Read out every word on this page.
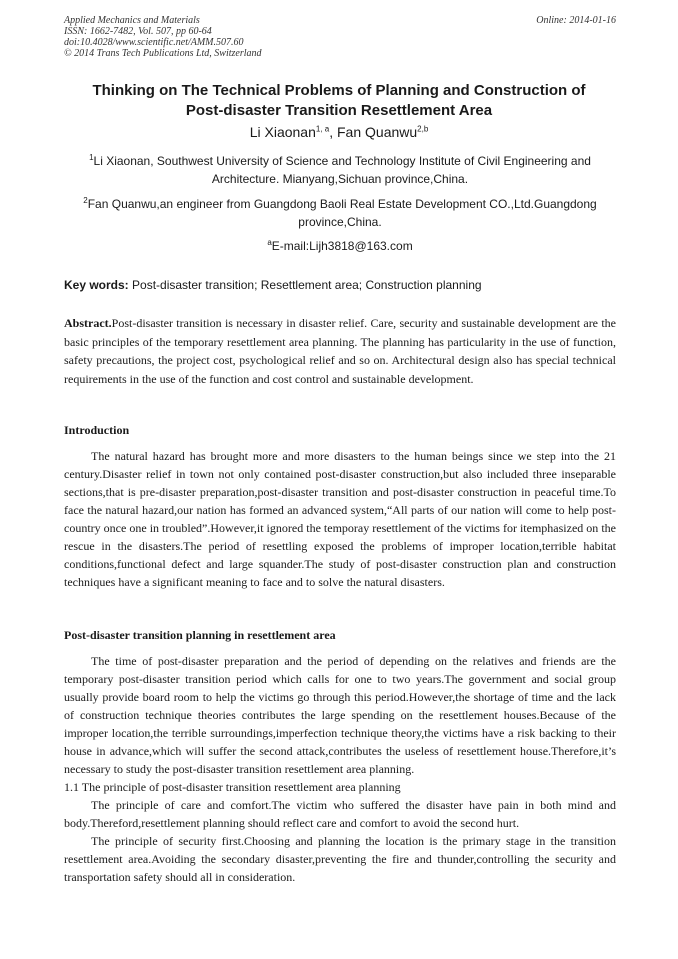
Applied Mechanics and Materials
ISSN: 1662-7482, Vol. 507, pp 60-64
doi:10.4028/www.scientific.net/AMM.507.60
© 2014 Trans Tech Publications Ltd, Switzerland
Online: 2014-01-16
Thinking on The Technical Problems of Planning and Construction of
Post-disaster Transition Resettlement Area
Li Xiaonan$^{1, a}$, Fan Quanwu$^{2,b}$
$^1$Li Xiaonan, Southwest University of Science and Technology Institute of Civil Engineering and Architecture. Mianyang,Sichuan province,China.
$^2$Fan Quanwu,an engineer from Guangdong Baoli Real Estate Development CO.,Ltd.Guangdong province,China.
$^a$E-mail:Lijh3818@163.com
Key words: Post-disaster transition; Resettlement area; Construction planning
Abstract.Post-disaster transition is necessary in disaster relief. Care, security and sustainable development are the basic principles of the temporary resettlement area planning. The planning has particularity in the use of function, safety precautions, the project cost, psychological relief and so on. Architectural design also has special technical requirements in the use of the function and cost control and sustainable development.
Introduction

The natural hazard has brought more and more disasters to the human beings since we step into the 21 century.Disaster relief in town not only contained post-disaster construction,but also included three inseparable sections,that is pre-disaster preparation,post-disaster transition and post-disaster construction in peaceful time.To face the natural hazard,our nation has formed an advanced system,“All parts of our nation will come to help post-country once one in troubled”.However,it ignored the temporay resettlement of the victims for itemphasized on the rescue in the disasters.The period of resettling exposed the problems of improper location,terrible habitat conditions,functional defect and large squander.The study of post-disaster construction plan and construction techniques have a significant meaning to face and to solve the natural disasters.

Post-disaster transition planning in resettlement area

The time of post-disaster preparation and the period of depending on the relatives and friends are the temporary post-disaster transition period which calls for one to two years.The government and social group usually provide board room to help the victims go through this period.However,the shortage of time and the lack of construction technique theories contributes the large spending on the resettlement houses.Because of the improper location,the terrible surroundings,imperfection technique theory,the victims have a risk backing to their house in advance,which will suffer the second attack,contributes the useless of resettlement house.Therefore,it’s necessary to study the post-disaster transition resettlement area planning.

1.1 The principle of post-disaster transition resettlement area planning

The principle of care and comfort.The victim who suffered the disaster have pain in both mind and body.Thereford,resettlement planning should reflect care and comfort to avoid the second hurt.

The principle of security first.Choosing and planning the location is the primary stage in the transition resettlement area.Avoiding the secondary disaster,preventing the fire and thunder,controlling the security and transportation safety should all in consideration.
